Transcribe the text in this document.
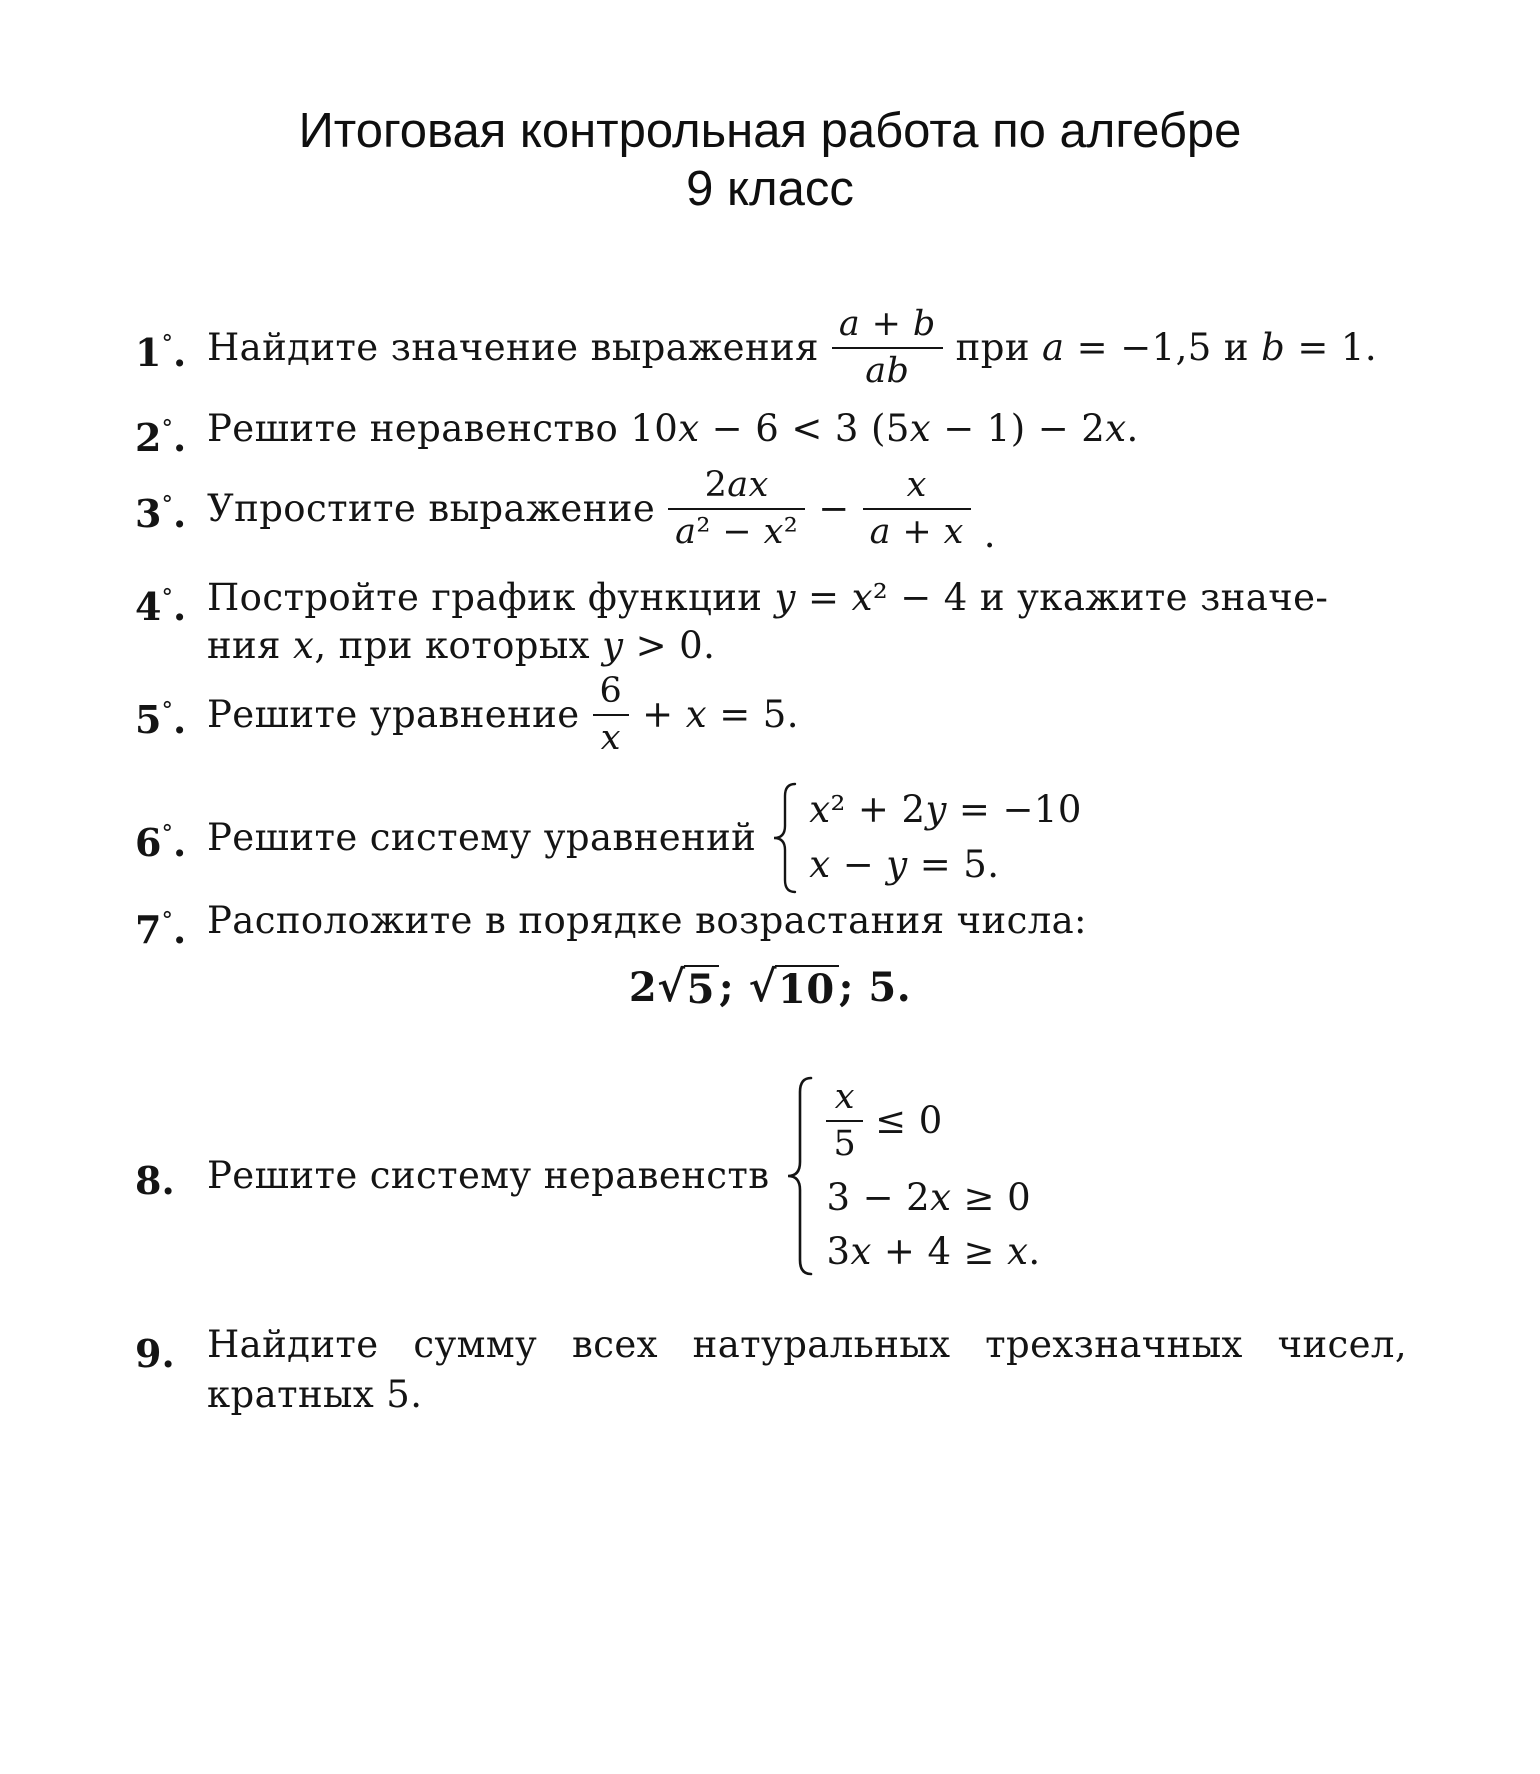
Итоговая контрольная работа по алгебре
9 класс
1°. Найдите значение выражения $\frac{a + b}{ab}$ при a = −1,5 и b = 1.
2°. Решите неравенство 10x − 6 < 3 (5x − 1) − 2x.
3°. Упростите выражение $\frac{2ax}{\text{a² − x²}} - \frac{x}{a + x}$ .
4°. Постройте график функции y = x² − 4 и укажите значе-
ния x, при которых y > 0.
5°. Решите уравнение $\frac{6}{x} + x = 5$.
6°. Решите систему уравнений
x² + 2y = −10
x − y = 5.
7°. Расположите в порядке возрастания числа:
2 √ 5 ; √ 10 ; 5.
8. Решите систему неравенств
$\frac{x}{5} \le 0$
3 − 2x ≥ 0
3x + 4 ≥ x.
9. Найдите сумму всех натуральных трехзначных чисел,
кратных 5.
